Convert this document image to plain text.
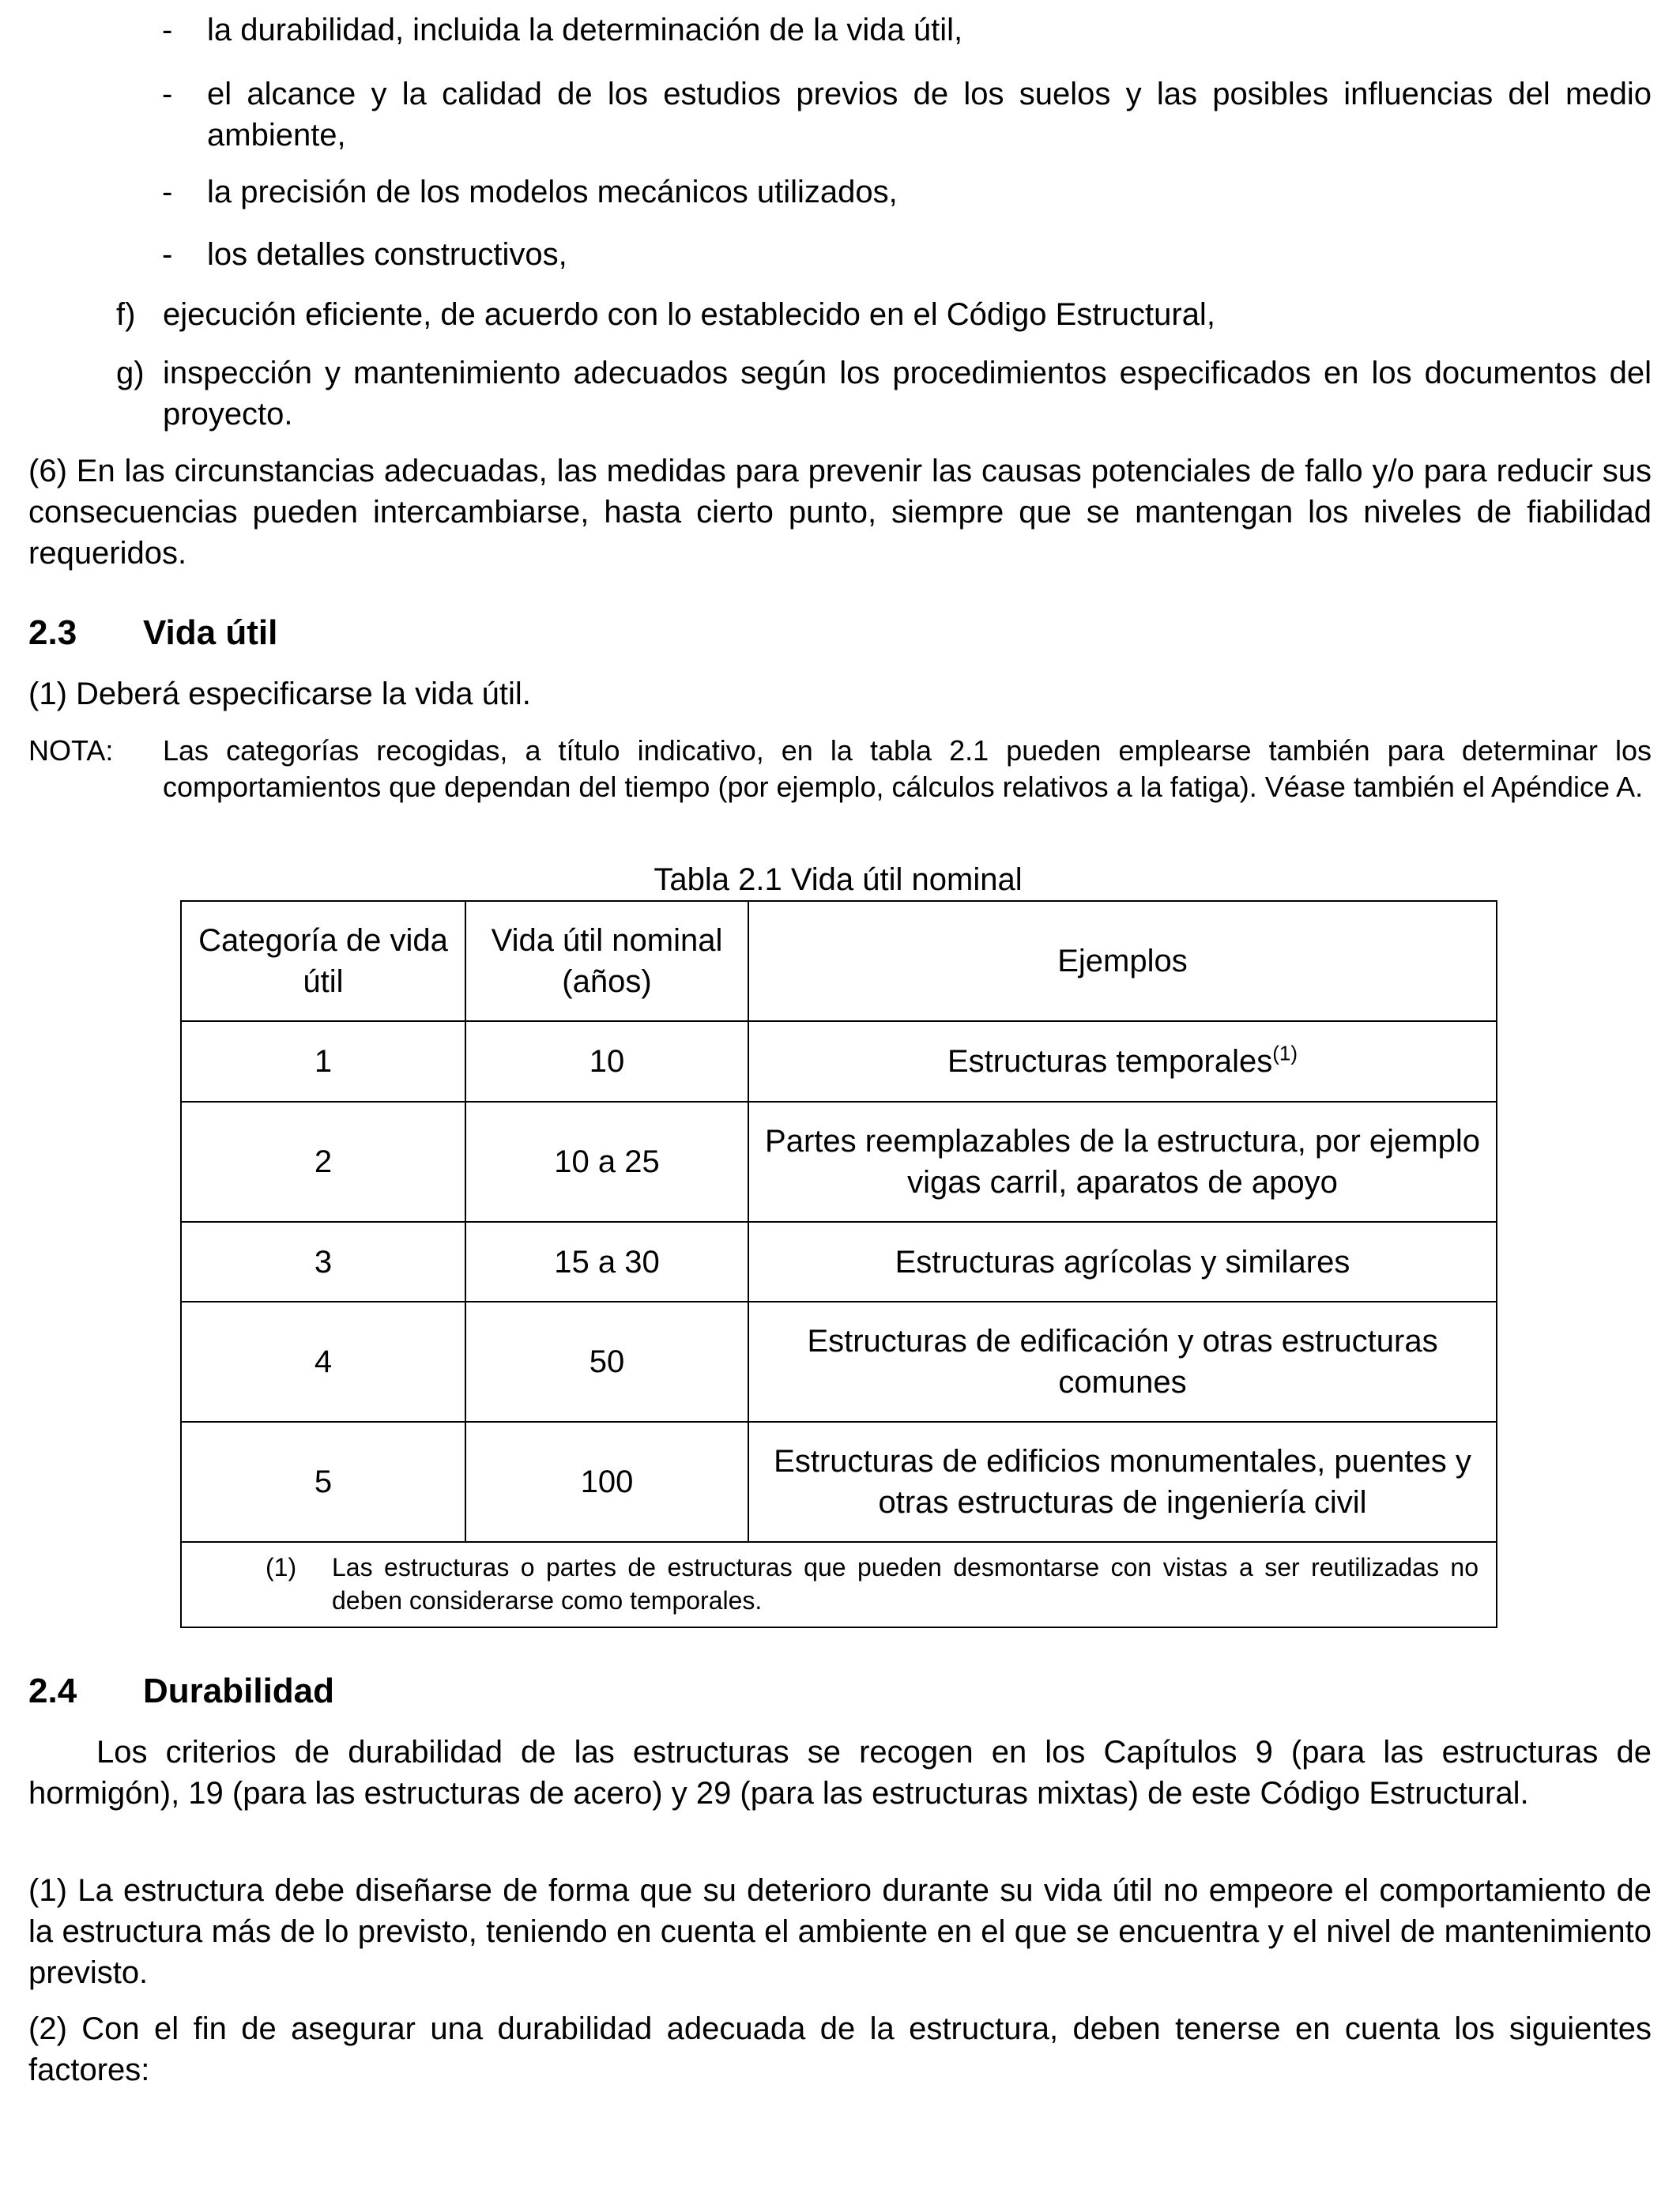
- la durabilidad, incluida la determinación de la vida útil,
- el alcance y la calidad de los estudios previos de los suelos y las posibles influencias del medio ambiente,
- la precisión de los modelos mecánicos utilizados,
- los detalles constructivos,
f) ejecución eficiente, de acuerdo con lo establecido en el Código Estructural,
g) inspección y mantenimiento adecuados según los procedimientos especificados en los documentos del proyecto.
(6) En las circunstancias adecuadas, las medidas para prevenir las causas potenciales de fallo y/o para reducir sus consecuencias pueden intercambiarse, hasta cierto punto, siempre que se mantengan los niveles de fiabilidad requeridos.
2.3 Vida útil
(1) Deberá especificarse la vida útil.
NOTA: Las categorías recogidas, a título indicativo, en la tabla 2.1 pueden emplearse también para determinar los comportamientos que dependan del tiempo (por ejemplo, cálculos relativos a la fatiga). Véase también el Apéndice A.
Tabla 2.1 Vida útil nominal
Categoría de vida útil	Vida útil nominal (años)	Ejemplos
1	10	Estructuras temporales$^{(1)}$
2	10 a 25	Partes reemplazables de la estructura, por ejemplo vigas carril, aparatos de apoyo
3	15 a 30	Estructuras agrícolas y similares
4	50	Estructuras de edificación y otras estructuras comunes
5	100	Estructuras de edificios monumentales, puentes y otras estructuras de ingeniería civil

(1) Las estructuras o partes de estructuras que pueden desmontarse con vistas a ser reutilizadas no deben considerarse como temporales.		
2.4 Durabilidad
Los criterios de durabilidad de las estructuras se recogen en los Capítulos 9 (para las estructuras de hormigón), 19 (para las estructuras de acero) y 29 (para las estructuras mixtas) de este Código Estructural.
(1) La estructura debe diseñarse de forma que su deterioro durante su vida útil no empeore el comportamiento de la estructura más de lo previsto, teniendo en cuenta el ambiente en el que se encuentra y el nivel de mantenimiento previsto.
(2) Con el fin de asegurar una durabilidad adecuada de la estructura, deben tenerse en cuenta los siguientes factores:
